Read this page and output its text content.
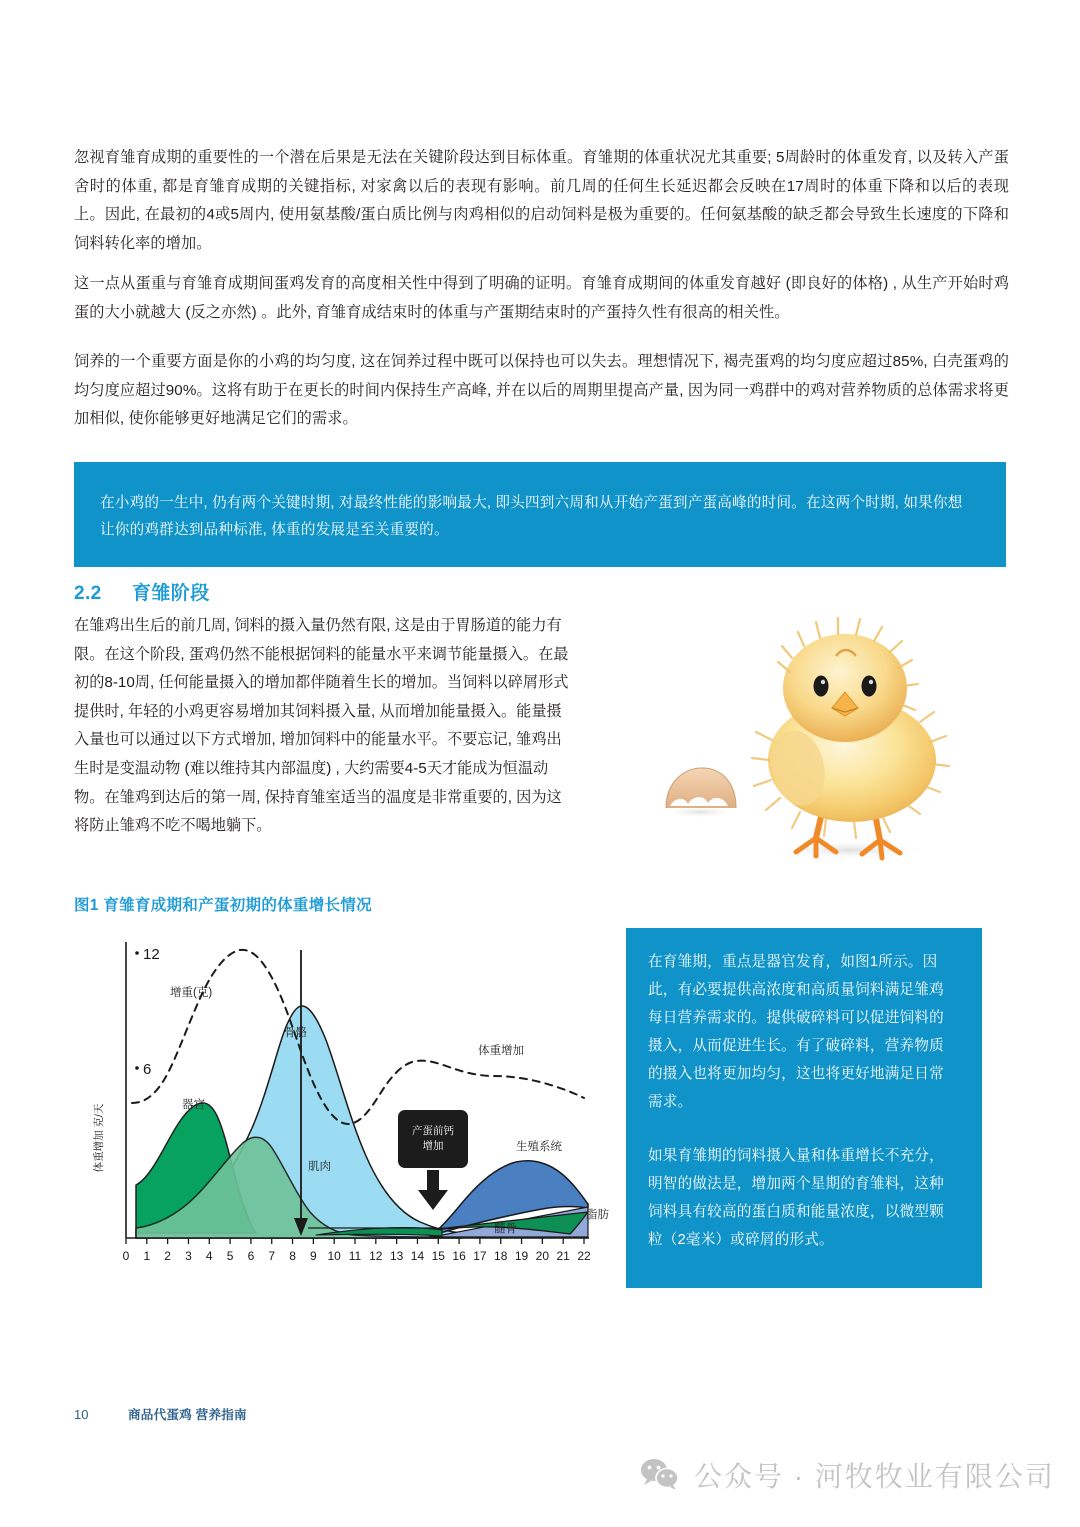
忽视育雏育成期的重要性的一个潜在后果是无法在关键阶段达到目标体重。育雏期的体重状况尤其重要; 5周龄时的体重发育, 以及转入产蛋舍时的体重, 都是育雏育成期的关键指标, 对家禽以后的表现有影响。前几周的任何生长延迟都会反映在17周时的体重下降和以后的表现上。因此, 在最初的4或5周内, 使用氨基酸/蛋白质比例与肉鸡相似的启动饲料是极为重要的。任何氨基酸的缺乏都会导致生长速度的下降和饲料转化率的增加。
这一点从蛋重与育雏育成期间蛋鸡发育的高度相关性中得到了明确的证明。育雏育成期间的体重发育越好 (即良好的体格) , 从生产开始时鸡蛋的大小就越大 (反之亦然) 。此外, 育雏育成结束时的体重与产蛋期结束时的产蛋持久性有很高的相关性。
饲养的一个重要方面是你的小鸡的均匀度, 这在饲养过程中既可以保持也可以失去。理想情况下, 褐壳蛋鸡的均匀度应超过85%, 白壳蛋鸡的均匀度应超过90%。这将有助于在更长的时间内保持生产高峰, 并在以后的周期里提高产量, 因为同一鸡群中的鸡对营养物质的总体需求将更加相似, 使你能够更好地满足它们的需求。
在小鸡的一生中, 仍有两个关键时期, 对最终性能的影响最大, 即头四到六周和从开始产蛋到产蛋高峰的时间。在这两个时期, 如果你想让你的鸡群达到品种标准, 体重的发展是至关重要的。
2.2 育雏阶段
在雏鸡出生后的前几周, 饲料的摄入量仍然有限, 这是由于胃肠道的能力有限。在这个阶段, 蛋鸡仍然不能根据饲料的能量水平来调节能量摄入。在最初的8-10周, 任何能量摄入的增加都伴随着生长的增加。当饲料以碎屑形式提供时, 年轻的小鸡更容易增加其饲料摄入量, 从而增加能量摄入。能量摄入量也可以通过以下方式增加, 增加饲料中的能量水平。不要忘记, 雏鸡出生时是变温动物 (难以维持其内部温度) , 大约需要4-5天才能成为恒温动物。在雏鸡到达后的第一周, 保持育雏室适当的温度是非常重要的, 因为这将防止雏鸡不吃不喝地躺下。
图1 育雏育成期和产蛋初期的体重增长情况
12
6
体重增加 克/天
0 1 2 3 4 5 6 7 8 9 10 11 12 13 14 15 16 17 18 19 20 21 22
产蛋前钙
增加
增重(克)
骨骼
体重增加
器官
肌肉
生殖系统
脂肪
髓骨
在育雏期，重点是器官发育，如图1所示。因此，有必要提供高浓度和高质量饲料满足雏鸡每日营养需求的。提供破碎料可以促进饲料的摄入，从而促进生长。有了破碎料，营养物质的摄入也将更加均匀，这也将更好地满足日常需求。
如果育雏期的饲料摄入量和体重增长不充分，明智的做法是，增加两个星期的育雏料，这种饲料具有较高的蛋白质和能量浓度，以微型颗粒（2毫米）或碎屑的形式。
10	商品代蛋鸡 营养指南
公众号 · 河牧牧业有限公司
